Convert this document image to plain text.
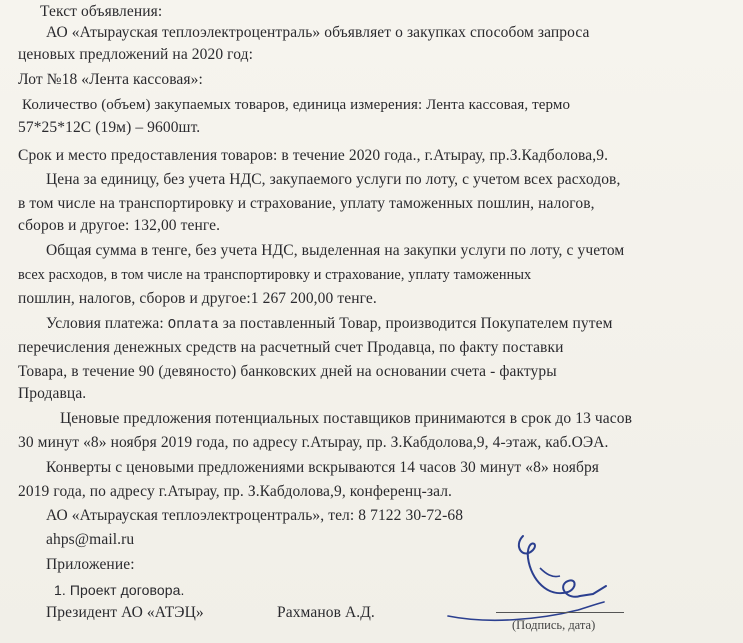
Текст объявления:
АО «Атырауская теплоэлектроцентраль» объявляет о закупках способом запроса
ценовых предложений на 2020 год:
Лот №18 «Лента кассовая»:
Количество (объем) закупаемых товаров, единица измерения: Лента кассовая, термо
57*25*12С (19м) – 9600шт.
Срок и место предоставления товаров: в течение 2020 года., г.Атырау, пр.З.Кадболова,9.
Цена за единицу, без учета НДС, закупаемого услуги по лоту, с учетом всех расходов,
в том числе на транспортировку и страхование, уплату таможенных пошлин, налогов,
сборов и другое: 132,00 тенге.
Общая сумма в тенге, без учета НДС, выделенная на закупки услуги по лоту, с учетом
всех расходов, в том числе на транспортировку и страхование, уплату таможенных
пошлин, налогов, сборов и другое:1 267 200,00 тенге.
Условия платежа: Оплата за поставленный Товар, производится Покупателем путем
перечисления денежных средств на расчетный счет Продавца, по факту поставки
Товара, в течение 90 (девяносто) банковских дней на основании счета - фактуры
Продавца.
Ценовые предложения потенциальных поставщиков принимаются в срок до 13 часов
30 минут «8» ноября 2019 года, по адресу г.Атырау, пр. З.Кабдолова,9, 4-этаж, каб.ОЭА.
Конверты с ценовыми предложениями вскрываются 14 часов 30 минут «8» ноября
2019 года, по адресу г.Атырау, пр. З.Кабдолова,9, конференц-зал.
АО «Атырауская теплоэлектроцентраль», тел: 8 7122 30-72-68
ahps@mail.ru
Приложение:
1. Проект договора.
Президент АО «АТЭЦ»	Рахманов А.Д.
(Подпись, дата)
